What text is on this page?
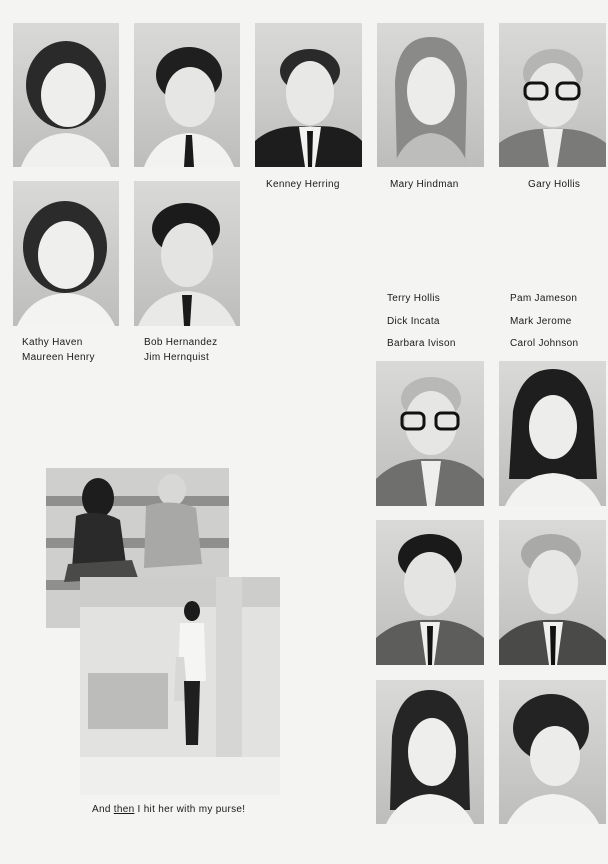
Kenney Herring	Mary Hindman	Gary Hollis
Kathy Haven
Maureen Henry
Bob Hernandez
Jim Hernquist
Terry Hollis
Dick Incata
Barbara Ivison
Pam Jameson
Mark Jerome
Carol Johnson
And then I hit her with my purse!
